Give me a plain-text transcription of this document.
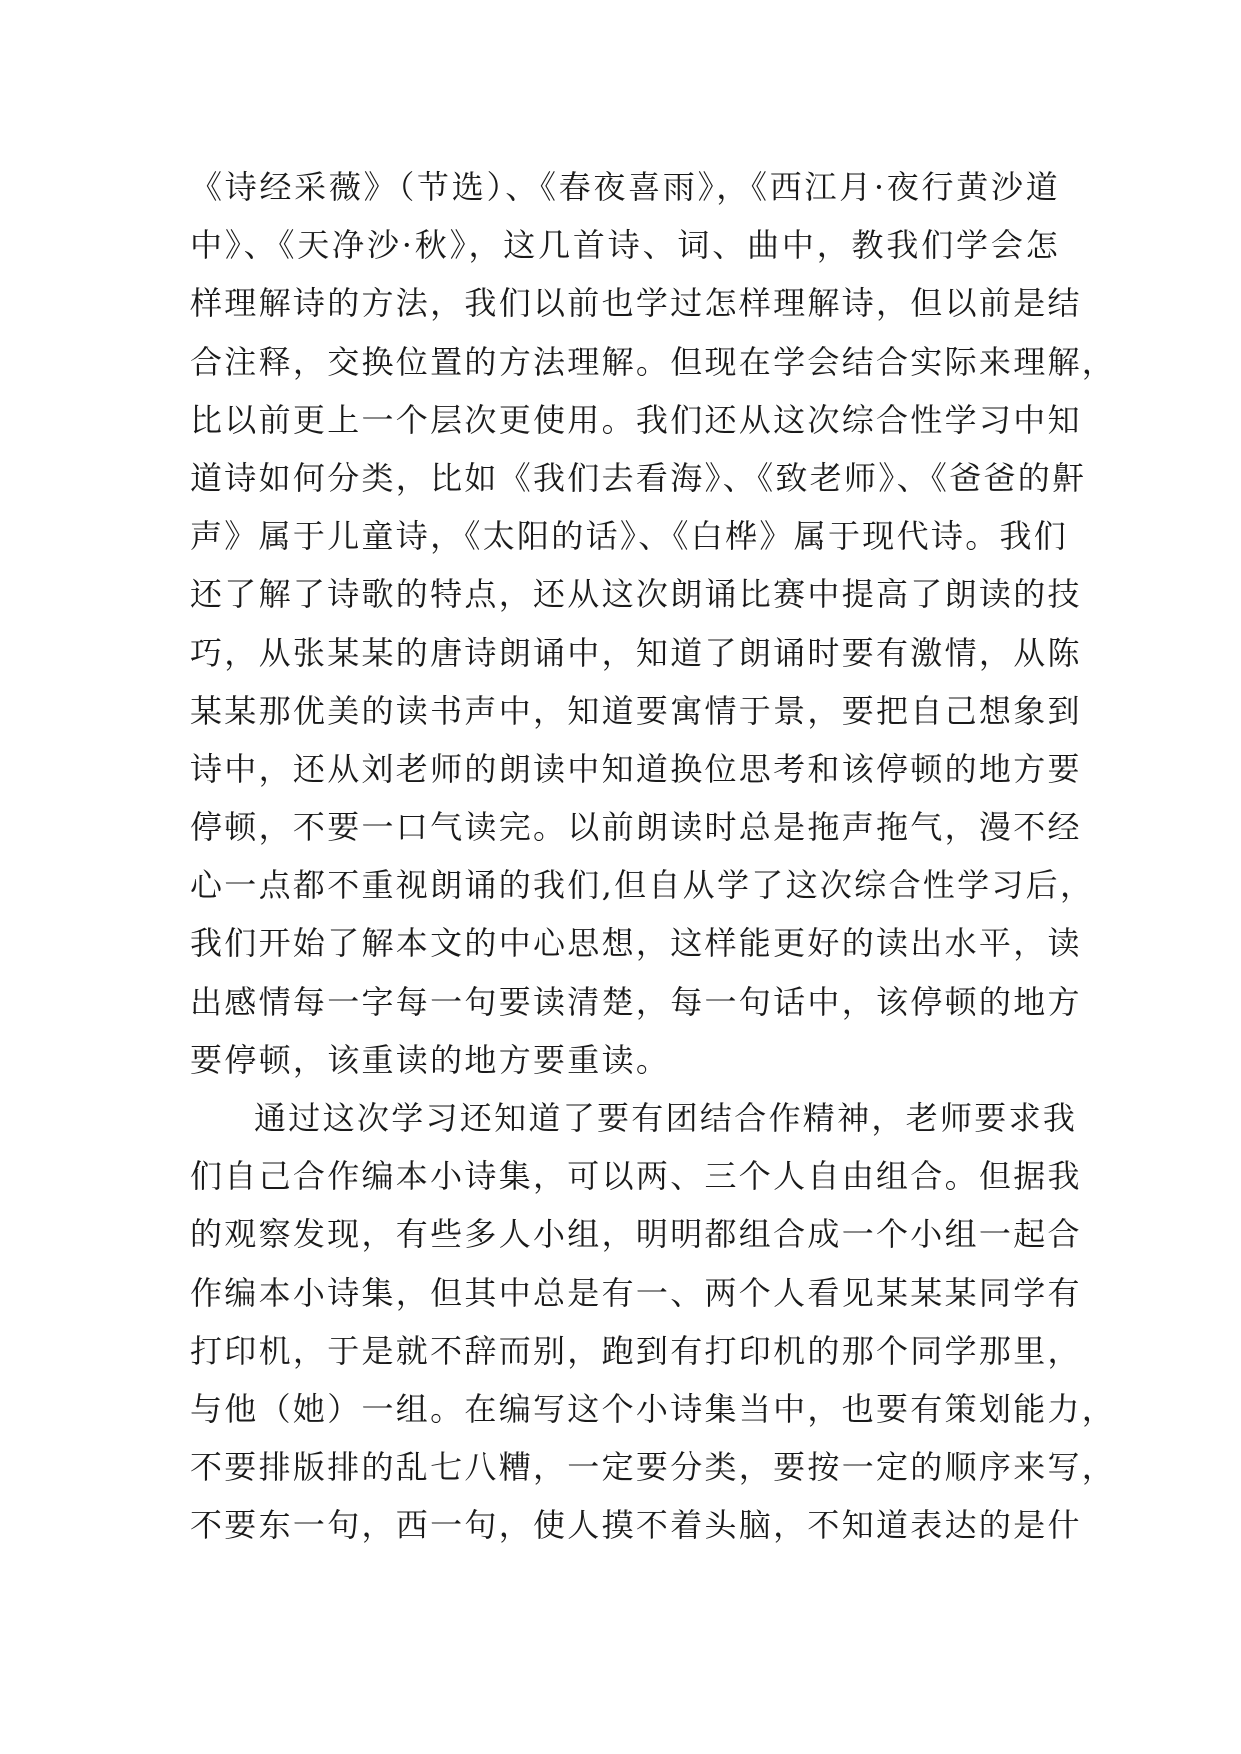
《诗经采薇》（节选）、《春夜喜雨》，《西江月·夜行黄沙道
中》、《天净沙·秋》，这几首诗、词、曲中，教我们学会怎
样理解诗的方法，我们以前也学过怎样理解诗，但以前是结
合注释，交换位置的方法理解。但现在学会结合实际来理解，
比以前更上一个层次更使用。我们还从这次综合性学习中知
道诗如何分类，比如《我们去看海》、《致老师》、《爸爸的鼾
声》属于儿童诗，《太阳的话》、《白桦》属于现代诗。我们
还了解了诗歌的特点，还从这次朗诵比赛中提高了朗读的技
巧，从张某某的唐诗朗诵中，知道了朗诵时要有激情，从陈
某某那优美的读书声中，知道要寓情于景，要把自己想象到
诗中，还从刘老师的朗读中知道换位思考和该停顿的地方要
停顿，不要一口气读完。以前朗读时总是拖声拖气，漫不经
心一点都不重视朗诵的我们,但自从学了这次综合性学习后，
我们开始了解本文的中心思想，这样能更好的读出水平，读
出感情每一字每一句要读清楚，每一句话中，该停顿的地方
要停顿，该重读的地方要重读。
通过这次学习还知道了要有团结合作精神，老师要求我
们自己合作编本小诗集，可以两、三个人自由组合。但据我
的观察发现，有些多人小组，明明都组合成一个小组一起合
作编本小诗集，但其中总是有一、两个人看见某某某同学有
打印机，于是就不辞而别，跑到有打印机的那个同学那里，
与他（她）一组。在编写这个小诗集当中，也要有策划能力，
不要排版排的乱七八糟，一定要分类，要按一定的顺序来写，
不要东一句，西一句，使人摸不着头脑，不知道表达的是什
